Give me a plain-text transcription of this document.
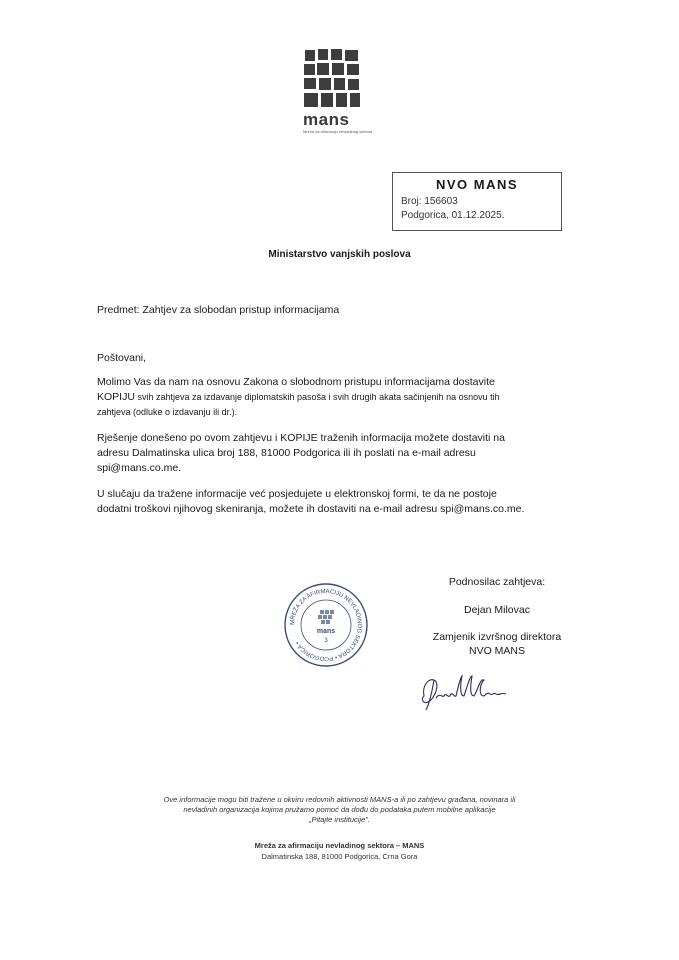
mans
Mreža za afirmaciju nevladinog sektora
NVO MANS
Broj: 156603
Podgorica, 01.12.2025.
Ministarstvo vanjskih poslova
Predmet: Zahtjev za slobodan pristup informacijama
Poštovani,
Molimo Vas da nam na osnovu Zakona o slobodnom pristupu informacijama dostavite
KOPIJU svih zahtjeva za izdavanje diplomatskih pasoša i svih drugih akata sačinjenih na osnovu tih
zahtjeva (odluke o izdavanju ili dr.).
Rješenje donešeno po ovom zahtjevu i KOPIJE traženih informacija možete dostaviti na
adresu Dalmatinska ulica broj 188, 81000 Podgorica ili ih poslati na e-mail adresu
spi@mans.co.me.
U slučaju da tražene informacije već posjedujete u elektronskoj formi, te da ne postoje
dodatni troškovi njihovog skeniranja, možete ih dostaviti na e-mail adresu spi@mans.co.me.
MREŽA ZA AFIRMACIJU NEVLADINOG SEKTORA • PODGORICA •
mans
3
Podnosilac zahtjeva:
Dejan Milovac
Zamjenik izvršnog direktora
NVO MANS
Ove informacije mogu biti tražene u okviru redovnih aktivnosti MANS-a ili po zahtjevu građana, novinara ili
nevladinih organizacija kojima pružamo pomoć da dođu do podataka putem mobilne aplikacije
„Pitajte institucije".
Mreža za afirmaciju nevladinog sektora – MANS
Dalmatinska 188, 81000 Podgorica, Crna Gora
